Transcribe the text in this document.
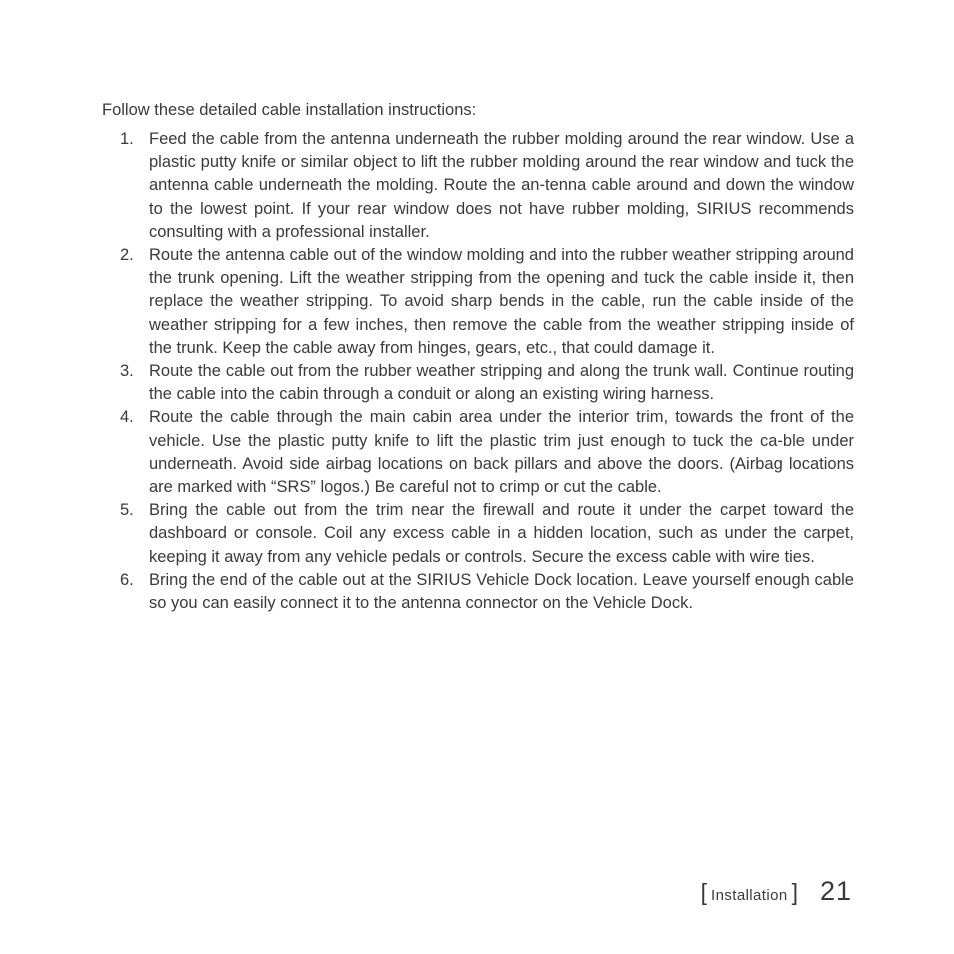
Follow these detailed cable installation instructions:

1. Feed the cable from the antenna underneath the rubber molding around the rear window. Use a plastic putty knife or similar object to lift the rubber molding around the rear window and tuck the antenna cable underneath the molding. Route the an-tenna cable around and down the window to the lowest point. If your rear window does not have rubber molding, SIRIUS recommends consulting with a professional installer.
2. Route the antenna cable out of the window molding and into the rubber weather stripping around the trunk opening. Lift the weather stripping from the opening and tuck the cable inside it, then replace the weather stripping. To avoid sharp bends in the cable, run the cable inside of the weather stripping for a few inches, then remove the cable from the weather stripping inside of the trunk. Keep the cable away from hinges, gears, etc., that could damage it.
3. Route the cable out from the rubber weather stripping and along the trunk wall. Continue routing the cable into the cabin through a conduit or along an existing wiring harness.
4. Route the cable through the main cabin area under the interior trim, towards the front of the vehicle. Use the plastic putty knife to lift the plastic trim just enough to tuck the ca-ble under underneath. Avoid side airbag locations on back pillars and above the doors. (Airbag locations are marked with “SRS” logos.) Be careful not to crimp or cut the cable.
5. Bring the cable out from the trim near the firewall and route it under the carpet toward the dashboard or console. Coil any excess cable in a hidden location, such as under the carpet, keeping it away from any vehicle pedals or controls. Secure the excess cable with wire ties.
6. Bring the end of the cable out at the SIRIUS Vehicle Dock location. Leave yourself enough cable so you can easily connect it to the antenna connector on the Vehicle Dock.
[ Installation ] 21
